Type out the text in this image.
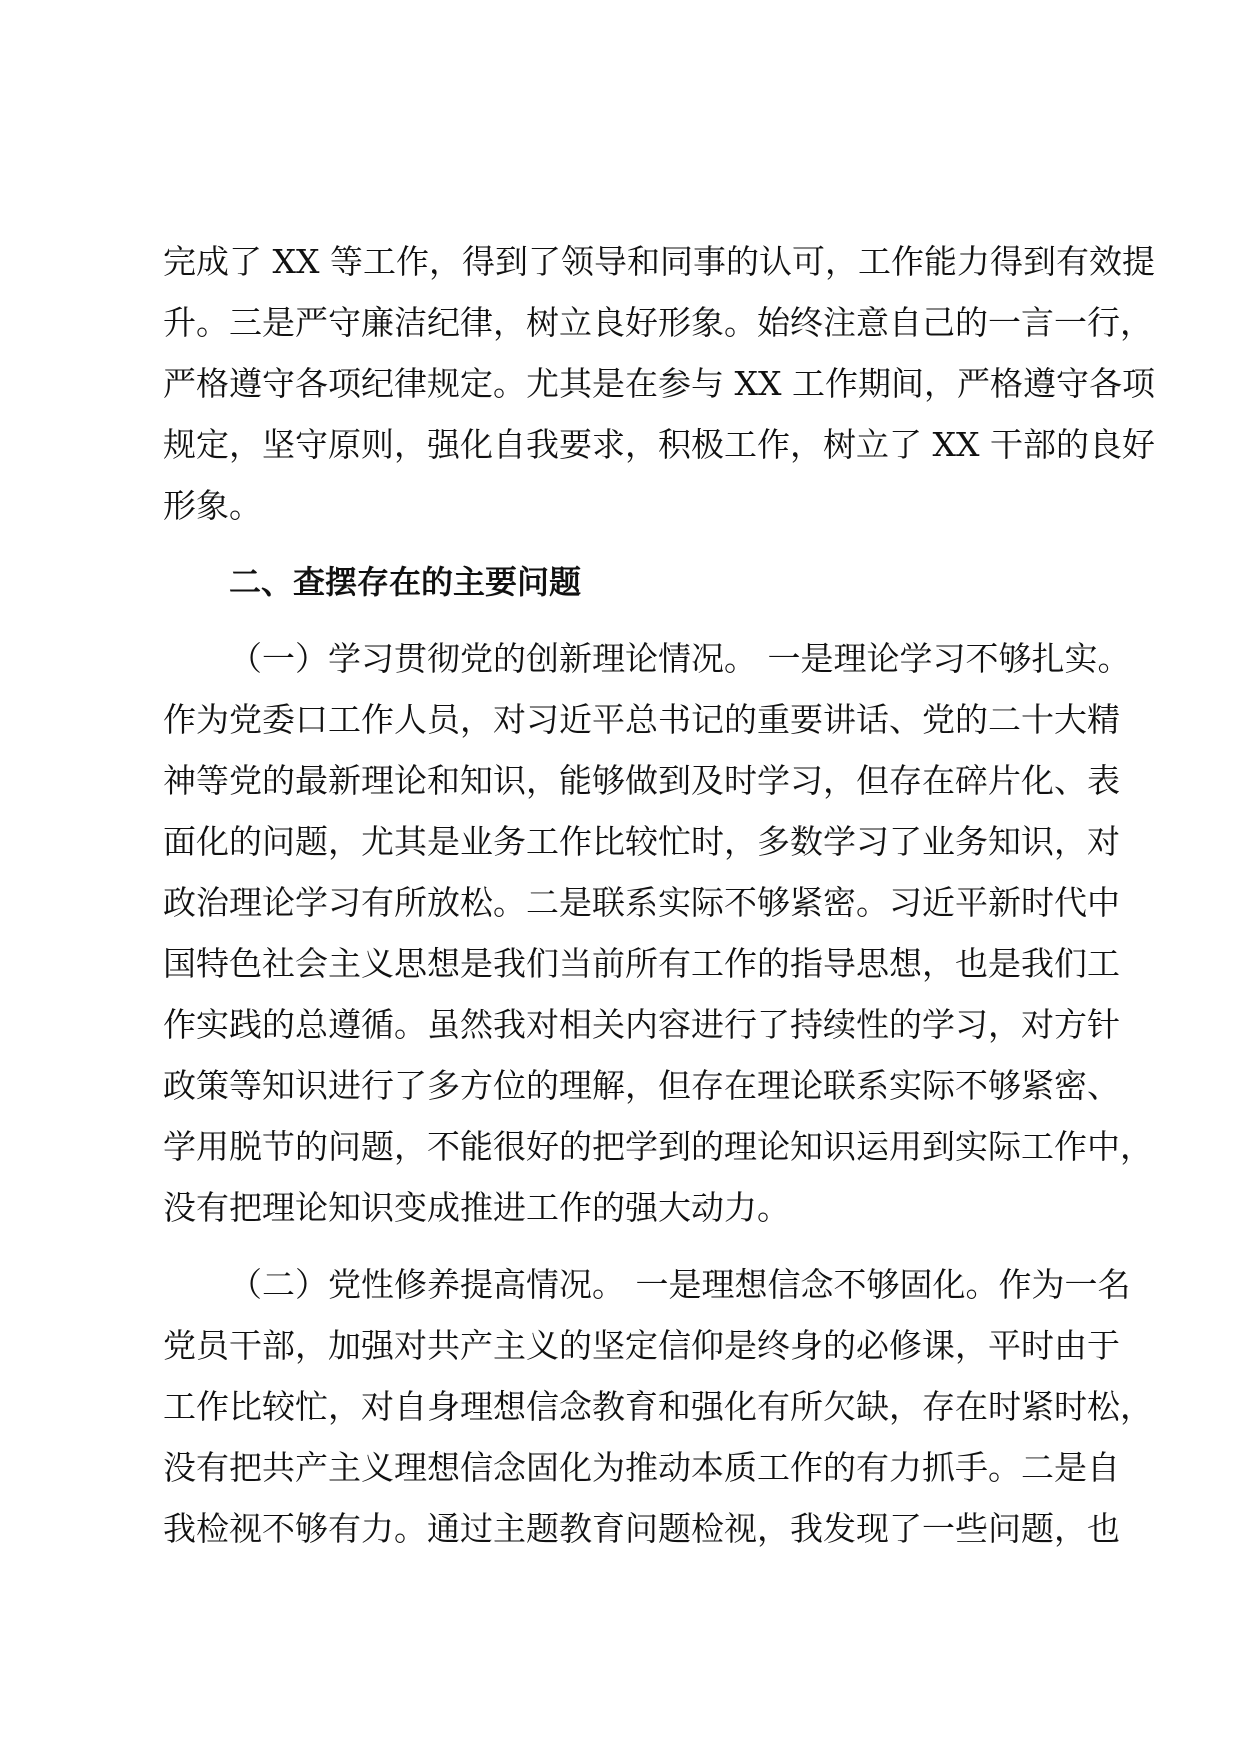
完成了 XX 等工作，得到了领导和同事的认可，工作能力得到有效提
升。三是严守廉洁纪律，树立良好形象。始终注意自己的一言一行，
严格遵守各项纪律规定。尤其是在参与 XX 工作期间，严格遵守各项
规定，坚守原则，强化自我要求，积极工作，树立了 XX 干部的良好
形象。
二、查摆存在的主要问题
（一）学习贯彻党的创新理论情况。 一是理论学习不够扎实。
作为党委口工作人员，对习近平总书记的重要讲话、党的二十大精
神等党的最新理论和知识，能够做到及时学习，但存在碎片化、表
面化的问题，尤其是业务工作比较忙时，多数学习了业务知识，对
政治理论学习有所放松。二是联系实际不够紧密。习近平新时代中
国特色社会主义思想是我们当前所有工作的指导思想，也是我们工
作实践的总遵循。虽然我对相关内容进行了持续性的学习，对方针
政策等知识进行了多方位的理解，但存在理论联系实际不够紧密、
学用脱节的问题，不能很好的把学到的理论知识运用到实际工作中，
没有把理论知识变成推进工作的强大动力。
（二）党性修养提高情况。 一是理想信念不够固化。作为一名
党员干部，加强对共产主义的坚定信仰是终身的必修课，平时由于
工作比较忙，对自身理想信念教育和强化有所欠缺，存在时紧时松，
没有把共产主义理想信念固化为推动本质工作的有力抓手。二是自
我检视不够有力。通过主题教育问题检视，我发现了一些问题，也
